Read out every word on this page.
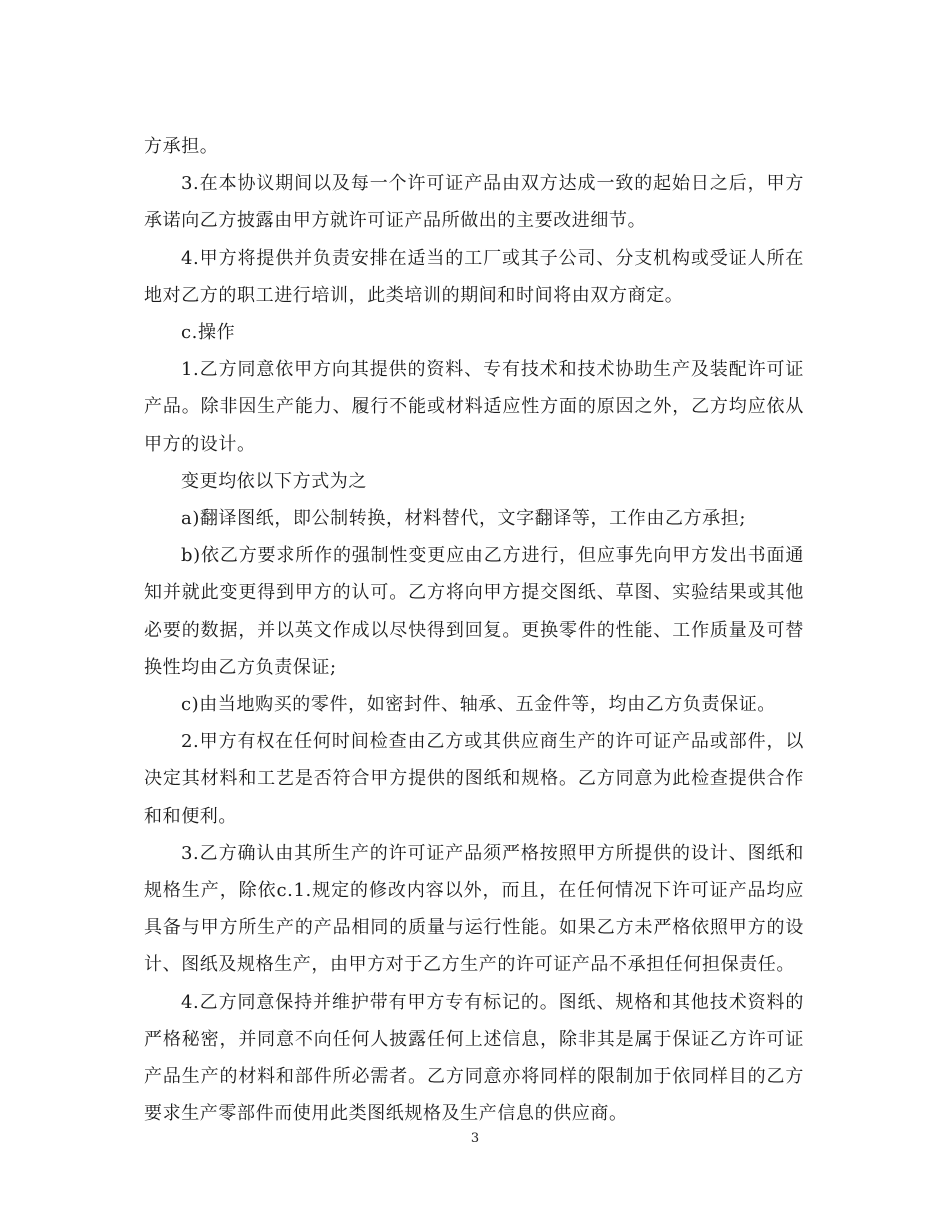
方承担。

3.在本协议期间以及每一个许可证产品由双方达成一致的起始日之后，甲方承诺向乙方披露由甲方就许可证产品所做出的主要改进细节。

4.甲方将提供并负责安排在适当的工厂或其子公司、分支机构或受证人所在地对乙方的职工进行培训，此类培训的期间和时间将由双方商定。

c.操作

1.乙方同意依甲方向其提供的资料、专有技术和技术协助生产及装配许可证产品。除非因生产能力、履行不能或材料适应性方面的原因之外，乙方均应依从甲方的设计。

变更均依以下方式为之

a)翻译图纸，即公制转换，材料替代，文字翻译等，工作由乙方承担;

b)依乙方要求所作的强制性变更应由乙方进行，但应事先向甲方发出书面通知并就此变更得到甲方的认可。乙方将向甲方提交图纸、草图、实验结果或其他必要的数据，并以英文作成以尽快得到回复。更换零件的性能、工作质量及可替换性均由乙方负责保证;

c)由当地购买的零件，如密封件、轴承、五金件等，均由乙方负责保证。

2.甲方有权在任何时间检查由乙方或其供应商生产的许可证产品或部件，以决定其材料和工艺是否符合甲方提供的图纸和规格。乙方同意为此检查提供合作和和便利。

3.乙方确认由其所生产的许可证产品须严格按照甲方所提供的设计、图纸和规格生产，除依c.1.规定的修改内容以外，而且，在任何情况下许可证产品均应具备与甲方所生产的产品相同的质量与运行性能。如果乙方未严格依照甲方的设计、图纸及规格生产，由甲方对于乙方生产的许可证产品不承担任何担保责任。

4.乙方同意保持并维护带有甲方专有标记的。图纸、规格和其他技术资料的严格秘密，并同意不向任何人披露任何上述信息，除非其是属于保证乙方许可证产品生产的材料和部件所必需者。乙方同意亦将同样的限制加于依同样目的乙方要求生产零部件而使用此类图纸规格及生产信息的供应商。

3
